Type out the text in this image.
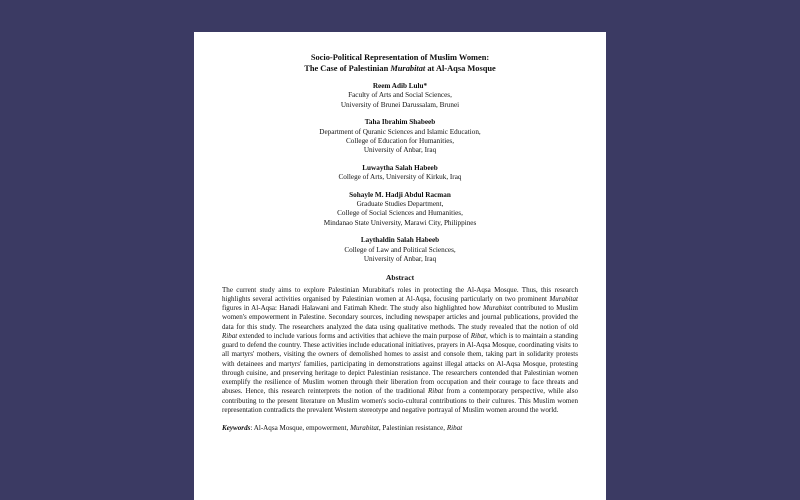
Socio-Political Representation of Muslim Women:
The Case of Palestinian Murabitat at Al-Aqsa Mosque
Reem Adib Lulu*
Faculty of Arts and Social Sciences,
University of Brunei Darussalam, Brunei
Taha Ibrahim Shabeeb
Department of Quranic Sciences and Islamic Education,
College of Education for Humanities,
University of Anbar, Iraq
Luwaytha Salah Habeeb
College of Arts, University of Kirkuk, Iraq
Sohayle M. Hadji Abdul Racman
Graduate Studies Department,
College of Social Sciences and Humanities,
Mindanao State University, Marawi City, Philippines
Laythaldin Salah Habeeb
College of Law and Political Sciences,
University of Anbar, Iraq
Abstract

The current study aims to explore Palestinian Murabitat's roles in protecting the Al-Aqsa Mosque. Thus, this research highlights several activities organised by Palestinian women at Al-Aqsa, focusing particularly on two prominent Murabitat figures in Al-Aqsa: Hanadi Halawani and Fatimah Khedr. The study also highlighted how Murabitat contributed to Muslim women's empowerment in Palestine. Secondary sources, including newspaper articles and journal publications, provided the data for this study. The researchers analyzed the data using qualitative methods. The study revealed that the notion of old Ribat extended to include various forms and activities that achieve the main purpose of Ribat, which is to maintain a standing guard to defend the country. These activities include educational initiatives, prayers in Al-Aqsa Mosque, coordinating visits to all martyrs' mothers, visiting the owners of demolished homes to assist and console them, taking part in solidarity protests with detainees and martyrs' families, participating in demonstrations against illegal attacks on Al-Aqsa Mosque, protesting through cuisine, and preserving heritage to depict Palestinian resistance. The researchers contended that Palestinian women exemplify the resilience of Muslim women through their liberation from occupation and their courage to face threats and abuses. Hence, this research reinterprets the notion of the traditional Ribat from a contemporary perspective, while also contributing to the present literature on Muslim women's socio-cultural contributions to their cultures. This Muslim women representation contradicts the prevalent Western stereotype and negative portrayal of Muslim women around the world.

Keywords: Al-Aqsa Mosque, empowerment, Murabitat, Palestinian resistance, Ribat
